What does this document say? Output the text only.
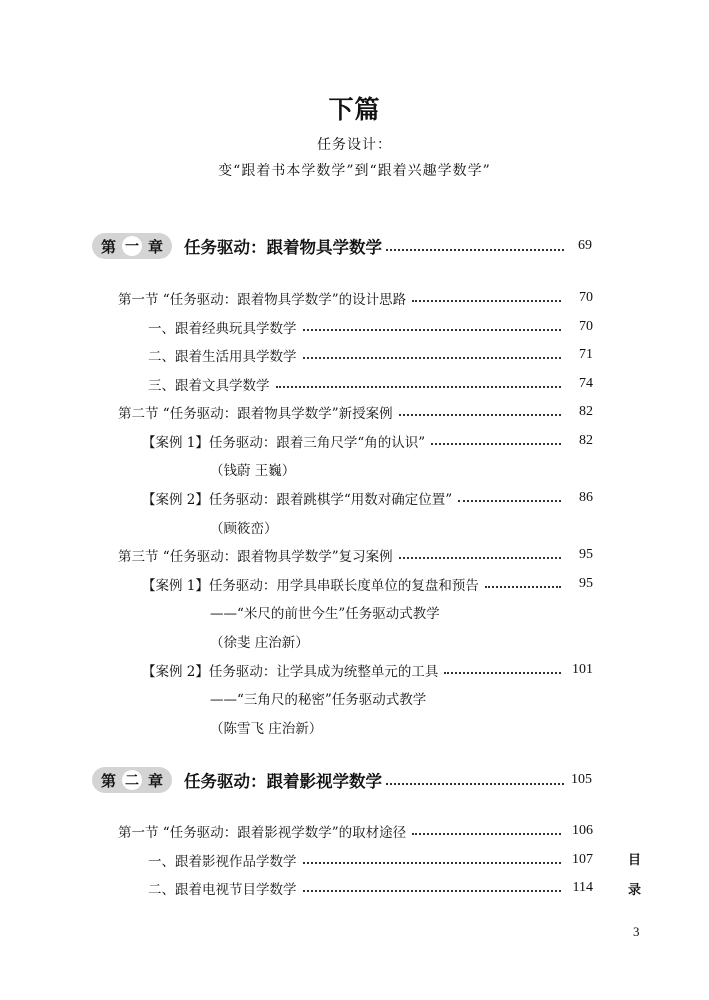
下篇
任务设计：
变“跟着书本学数学”到“跟着兴趣学数学”
第 一 章 任务驱动：跟着物具学数学	69
第一节 “任务驱动：跟着物具学数学”的设计思路	70
一、跟着经典玩具学数学	70
二、跟着生活用具学数学	71
三、跟着文具学数学	74
第二节 “任务驱动：跟着物具学数学”新授案例	82
【案例 1】任务驱动：跟着三角尺学“角的认识”	82
（钱蔚 王巍）
【案例 2】任务驱动：跟着跳棋学“用数对确定位置”	86
（顾筱峦）
第三节 “任务驱动：跟着物具学数学”复习案例	95
【案例 1】任务驱动：用学具串联长度单位的复盘和预告	95
——“米尺的前世今生”任务驱动式教学
（徐斐 庄治新）
【案例 2】任务驱动：让学具成为统整单元的工具	101
——“三角尺的秘密”任务驱动式教学
（陈雪飞 庄治新）
第 二 章 任务驱动：跟着影视学数学	105
第一节 “任务驱动：跟着影视学数学”的取材途径	106
一、跟着影视作品学数学	107
二、跟着电视节目学数学	114
目
录
3
